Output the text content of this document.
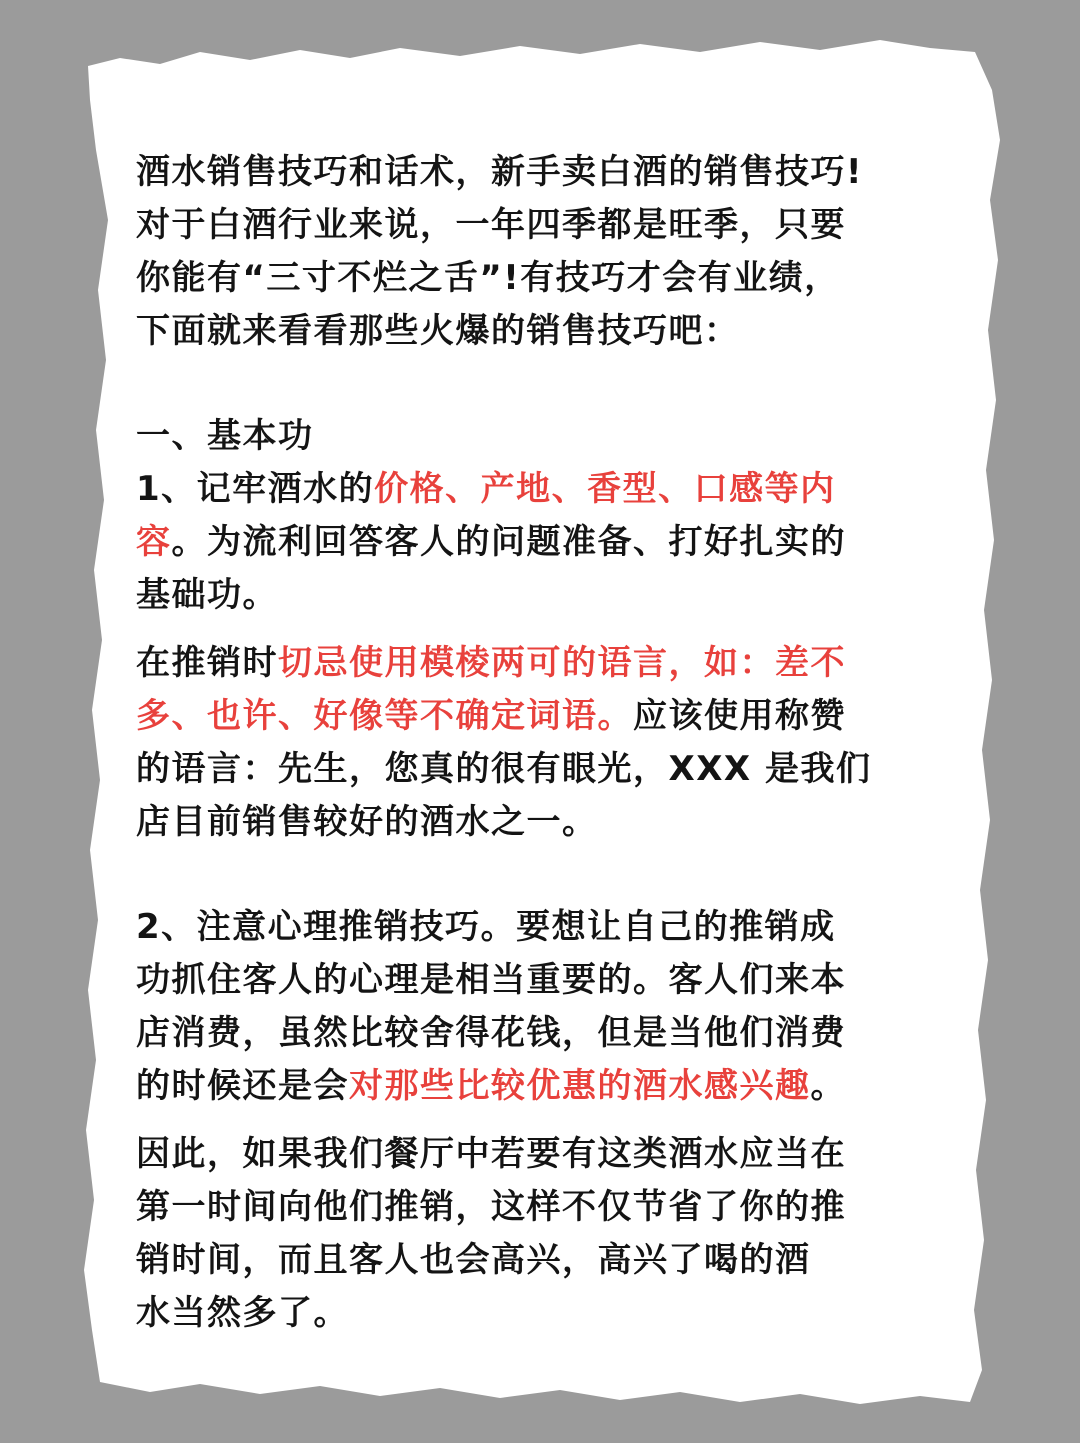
酒水销售技巧和话术，新手卖白酒的销售技巧!
对于白酒行业来说，一年四季都是旺季，只要
你能有“三寸不烂之舌”!有技巧才会有业绩，
下面就来看看那些火爆的销售技巧吧：
一、基本功
1、记牢酒水的价格、产地、香型、口感等内
容。为流利回答客人的问题准备、打好扎实的
基础功。
在推销时切忌使用模棱两可的语言，如：差不
多、也许、好像等不确定词语。应该使用称赞
的语言：先生，您真的很有眼光，XXX 是我们
店目前销售较好的酒水之一。
2、注意心理推销技巧。要想让自己的推销成
功抓住客人的心理是相当重要的。客人们来本
店消费，虽然比较舍得花钱，但是当他们消费
的时候还是会对那些比较优惠的酒水感兴趣。
因此，如果我们餐厅中若要有这类酒水应当在
第一时间向他们推销，这样不仅节省了你的推
销时间，而且客人也会高兴，高兴了喝的酒
水当然多了。
